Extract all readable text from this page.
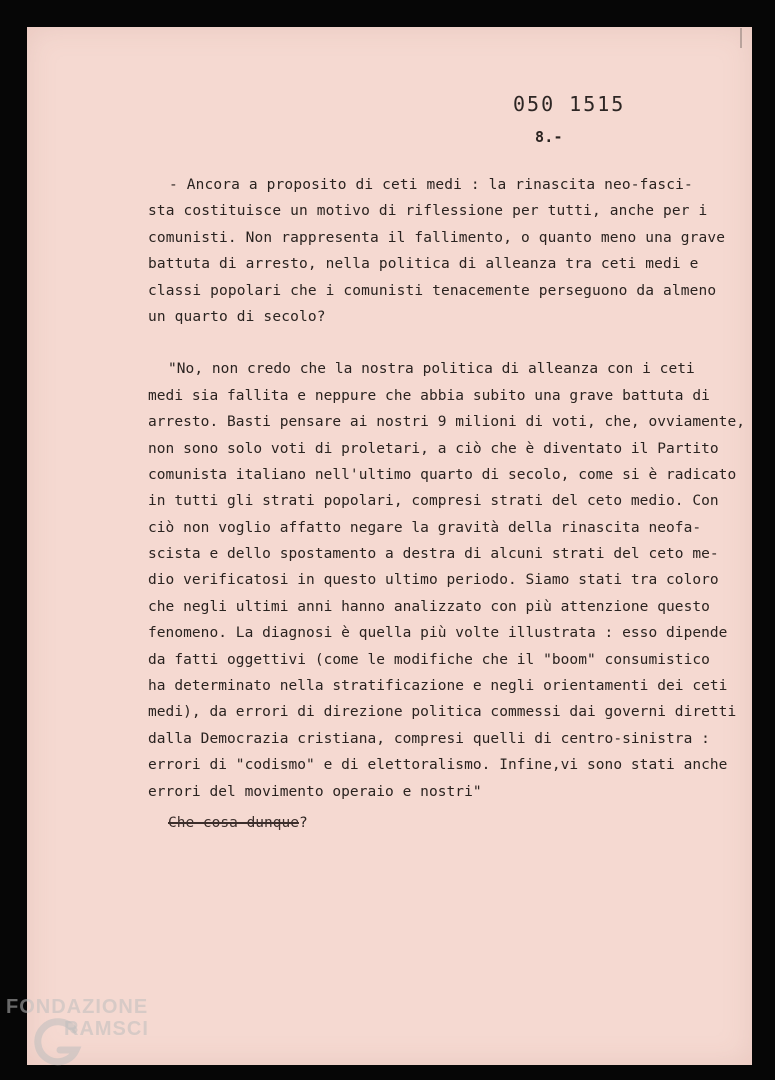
050 1515
8.-
- Ancora a proposito di ceti medi : la rinascita neo-fasci-
sta costituisce un motivo di riflessione per tutti, anche per i
comunisti. Non rappresenta il fallimento, o quanto meno una grave
battuta di arresto, nella politica di alleanza tra ceti medi e
classi popolari che i comunisti tenacemente perseguono da almeno
un quarto di secolo?
"No, non credo che la nostra politica di alleanza con i ceti
medi sia fallita e neppure che abbia subito una grave battuta di
arresto. Basti pensare ai nostri 9 milioni di voti, che, ovviamente,
non sono solo voti di proletari, a ciò che è diventato il Partito
comunista italiano nell'ultimo quarto di secolo, come si è radicato
in tutti gli strati popolari, compresi strati del ceto medio. Con
ciò non voglio affatto negare la gravità della rinascita neofa-
scista e dello spostamento a destra di alcuni strati del ceto me-
dio verificatosi in questo ultimo periodo. Siamo stati tra coloro
che negli ultimi anni hanno analizzato con più attenzione questo
fenomeno. La diagnosi è quella più volte illustrata : esso dipende
da fatti oggettivi (come le modifiche che il "boom" consumistico
ha determinato nella stratificazione e negli orientamenti dei ceti
medi), da errori di direzione politica commessi dai governi diretti
dalla Democrazia cristiana, compresi quelli di centro-sinistra :
errori di "codismo" e di elettoralismo. Infine,vi sono stati anche
errori del movimento operaio e nostri"
Che cosa dunque?
FONDAZIONE
RAMSCI
